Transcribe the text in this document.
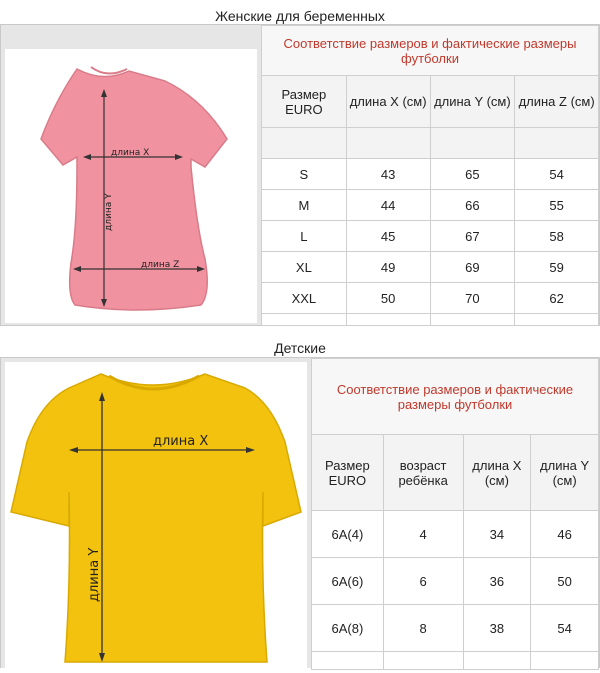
Женские для беременных
длина X
длина Y
длина Z
Соответствие размеров и фактические размеры футболки			
Размер EURO	длина X (см)	длина Y (см)	длина Z (см)

S	43	65	54
M	44	66	55
L	45	67	58
XL	49	69	59
XXL	50	70	62

Детские
длина X
длина Y
Соответствие размеров и фактические размеры футболки			
Размер EURO	возраст ребёнка	длина X (см)	длина Y (см)
6A(4)	4	34	46
6A(6)	6	36	50
6A(8)	8	38	54
